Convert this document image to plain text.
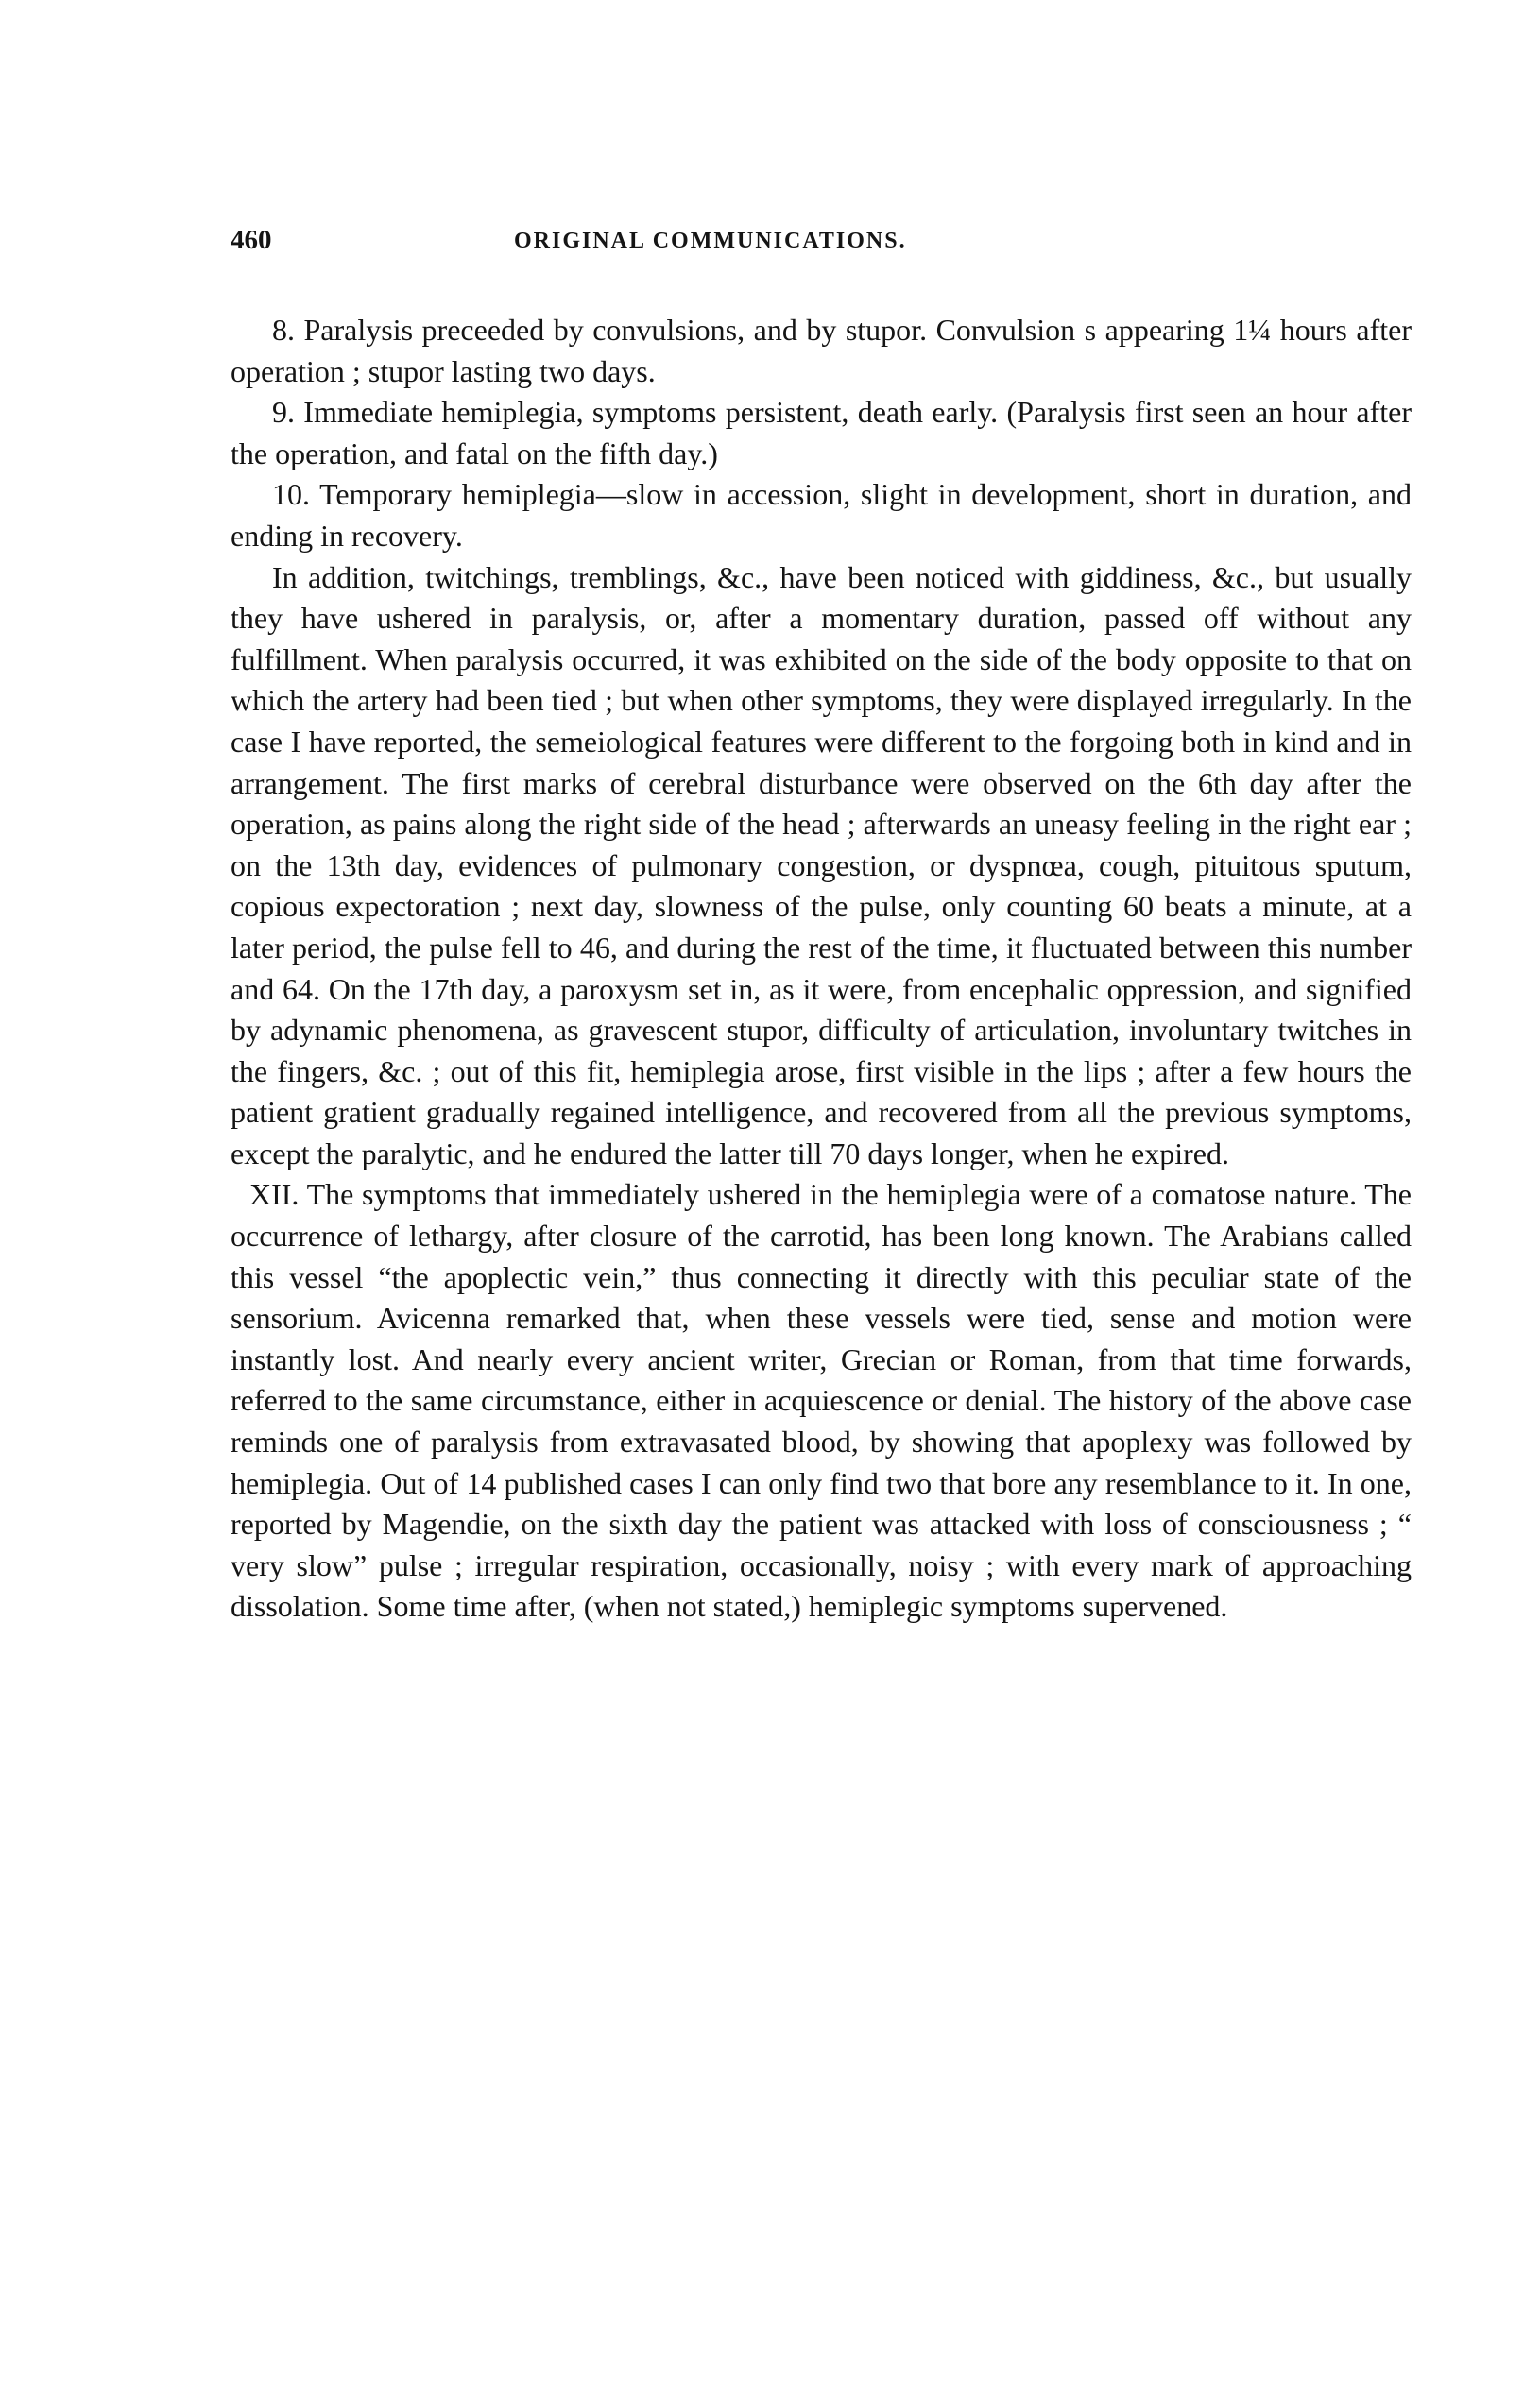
460	ORIGINAL COMMUNICATIONS.

8. Paralysis preceeded by convulsions, and by stupor. Convulsion s appearing 1¼ hours after operation ; stupor lasting two days.

9. Immediate hemiplegia, symptoms persistent, death early. (Paralysis first seen an hour after the operation, and fatal on the fifth day.)

10. Temporary hemiplegia—slow in accession, slight in development, short in duration, and ending in recovery.

In addition, twitchings, tremblings, &c., have been noticed with giddiness, &c., but usually they have ushered in paralysis, or, after a momentary duration, passed off without any fulfillment. When paralysis occurred, it was exhibited on the side of the body opposite to that on which the artery had been tied ; but when other symptoms, they were displayed irregularly. In the case I have reported, the semeiological features were different to the forgoing both in kind and in arrangement. The first marks of cerebral disturbance were observed on the 6th day after the operation, as pains along the right side of the head ; afterwards an uneasy feeling in the right ear ; on the 13th day, evidences of pulmonary congestion, or dyspnœa, cough, pituitous sputum, copious expectoration ; next day, slowness of the pulse, only counting 60 beats a minute, at a later period, the pulse fell to 46, and during the rest of the time, it fluctuated between this number and 64. On the 17th day, a paroxysm set in, as it were, from encephalic oppression, and signified by adynamic phenomena, as gravescent stupor, difficulty of articulation, involuntary twitches in the fingers, &c. ; out of this fit, hemiplegia arose, first visible in the lips ; after a few hours the patient gratient gradually regained intelligence, and recovered from all the previous symptoms, except the paralytic, and he endured the latter till 70 days longer, when he expired.

XII. The symptoms that immediately ushered in the hemiplegia were of a comatose nature. The occurrence of lethargy, after closure of the carrotid, has been long known. The Arabians called this vessel “the apoplectic vein,” thus connecting it directly with this peculiar state of the sensorium. Avicenna remarked that, when these vessels were tied, sense and motion were instantly lost. And nearly every ancient writer, Grecian or Roman, from that time forwards, referred to the same circumstance, either in acquiescence or denial. The history of the above case reminds one of paralysis from extravasated blood, by showing that apoplexy was followed by hemiplegia. Out of 14 published cases I can only find two that bore any resemblance to it. In one, reported by Magendie, on the sixth day the patient was attacked with loss of consciousness ; “ very slow” pulse ; irregular respiration, occasionally, noisy ; with every mark of approaching dissolation. Some time after, (when not stated,) hemiplegic symptoms supervened.
